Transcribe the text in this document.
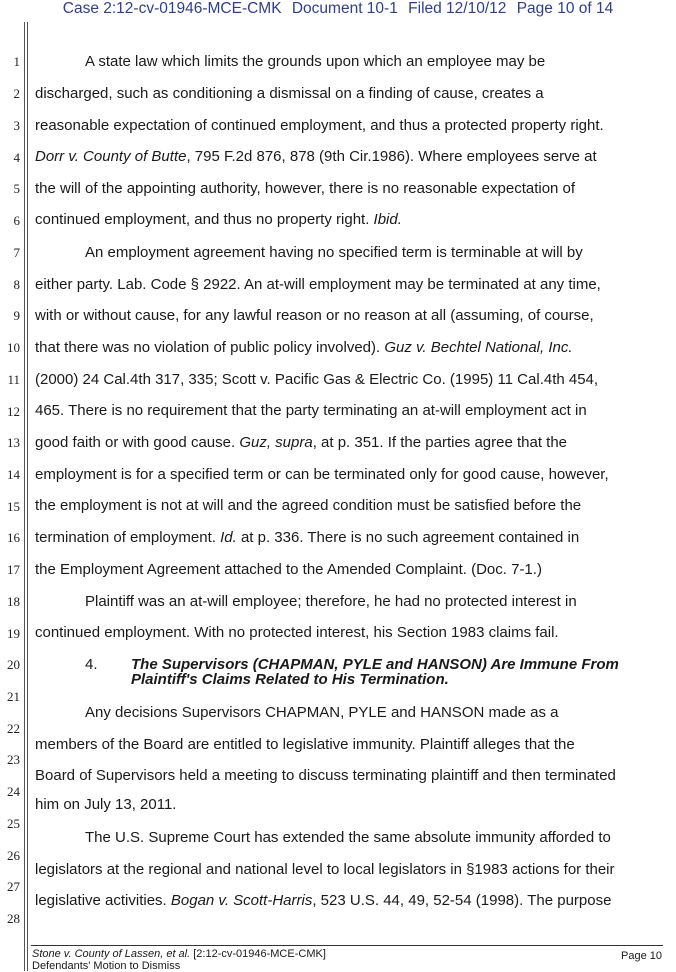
Case 2:12-cv-01946-MCE-CMK Document 10-1 Filed 12/10/12 Page 10 of 14
1
2
3
4
5
6
7
8
9
10
11
12
13
14
15
16
17
18
19
20
21
22
23
24
25
26
27
28
A state law which limits the grounds upon which an employee may be
discharged, such as conditioning a dismissal on a finding of cause, creates a
reasonable expectation of continued employment, and thus a protected property right.
Dorr v. County of Butte, 795 F.2d 876, 878 (9th Cir.1986). Where employees serve at
the will of the appointing authority, however, there is no reasonable expectation of
continued employment, and thus no property right. Ibid.
An employment agreement having no specified term is terminable at will by
either party. Lab. Code § 2922. An at-will employment may be terminated at any time,
with or without cause, for any lawful reason or no reason at all (assuming, of course,
that there was no violation of public policy involved). Guz v. Bechtel National, Inc.
(2000) 24 Cal.4th 317, 335; Scott v. Pacific Gas & Electric Co. (1995) 11 Cal.4th 454,
465. There is no requirement that the party terminating an at-will employment act in
good faith or with good cause. Guz, supra, at p. 351. If the parties agree that the
employment is for a specified term or can be terminated only for good cause, however,
the employment is not at will and the agreed condition must be satisfied before the
termination of employment. Id. at p. 336. There is no such agreement contained in
the Employment Agreement attached to the Amended Complaint. (Doc. 7-1.)
Plaintiff was an at-will employee; therefore, he had no protected interest in
continued employment. With no protected interest, his Section 1983 claims fail.
4. The Supervisors (CHAPMAN, PYLE and HANSON) Are Immune From
Plaintiff's Claims Related to His Termination.
Any decisions Supervisors CHAPMAN, PYLE and HANSON made as a
members of the Board are entitled to legislative immunity. Plaintiff alleges that the
Board of Supervisors held a meeting to discuss terminating plaintiff and then terminated
him on July 13, 2011.
The U.S. Supreme Court has extended the same absolute immunity afforded to
legislators at the regional and national level to local legislators in §1983 actions for their
legislative activities. Bogan v. Scott-Harris, 523 U.S. 44, 49, 52-54 (1998). The purpose
Stone v. County of Lassen, et al. [2:12-cv-01946-MCE-CMK]
Defendants' Motion to Dismiss
Page 10
